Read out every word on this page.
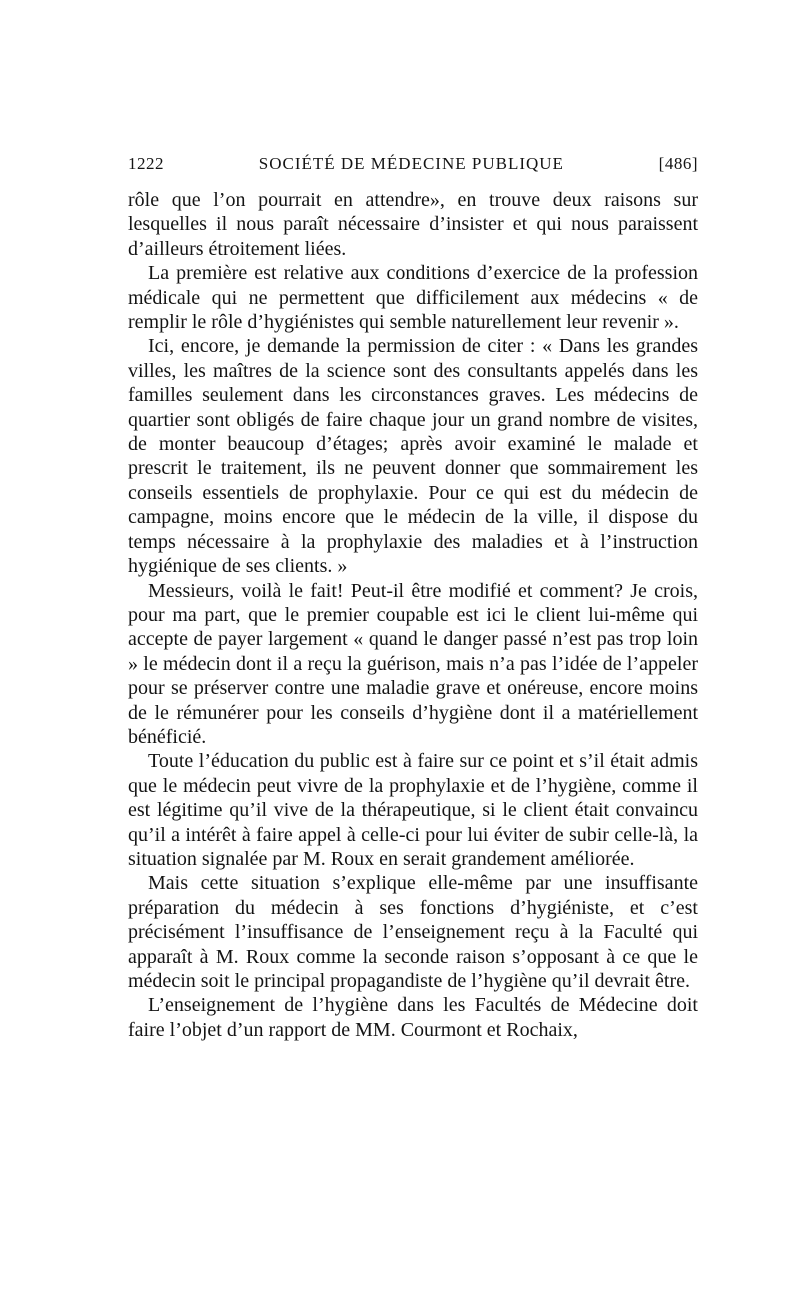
1222	SOCIÉTÉ DE MÉDECINE PUBLIQUE	[486]

rôle que l’on pourrait en attendre», en trouve deux raisons sur lesquelles il nous paraît nécessaire d’insister et qui nous paraissent d’ailleurs étroitement liées.

La première est relative aux conditions d’exercice de la profession médicale qui ne permettent que difficilement aux médecins « de remplir le rôle d’hygiénistes qui semble naturellement leur revenir ».

Ici, encore, je demande la permission de citer : « Dans les grandes villes, les maîtres de la science sont des consultants appelés dans les familles seulement dans les circonstances graves. Les médecins de quartier sont obligés de faire chaque jour un grand nombre de visites, de monter beaucoup d’étages; après avoir examiné le malade et prescrit le traitement, ils ne peuvent donner que sommairement les conseils essentiels de prophylaxie. Pour ce qui est du médecin de campagne, moins encore que le médecin de la ville, il dispose du temps nécessaire à la prophylaxie des maladies et à l’instruction hygiénique de ses clients. »

Messieurs, voilà le fait! Peut-il être modifié et comment? Je crois, pour ma part, que le premier coupable est ici le client lui-même qui accepte de payer largement « quand le danger passé n’est pas trop loin » le médecin dont il a reçu la guérison, mais n’a pas l’idée de l’appeler pour se préserver contre une maladie grave et onéreuse, encore moins de le rémunérer pour les conseils d’hygiène dont il a matériellement bénéficié.

Toute l’éducation du public est à faire sur ce point et s’il était admis que le médecin peut vivre de la prophylaxie et de l’hygiène, comme il est légitime qu’il vive de la thérapeutique, si le client était convaincu qu’il a intérêt à faire appel à celle-ci pour lui éviter de subir celle-là, la situation signalée par M. Roux en serait grandement améliorée.

Mais cette situation s’explique elle-même par une insuffisante préparation du médecin à ses fonctions d’hygiéniste, et c’est précisément l’insuffisance de l’enseignement reçu à la Faculté qui apparaît à M. Roux comme la seconde raison s’opposant à ce que le médecin soit le principal propagandiste de l’hygiène qu’il devrait être.

L’enseignement de l’hygiène dans les Facultés de Médecine doit faire l’objet d’un rapport de MM. Courmont et Rochaix,
